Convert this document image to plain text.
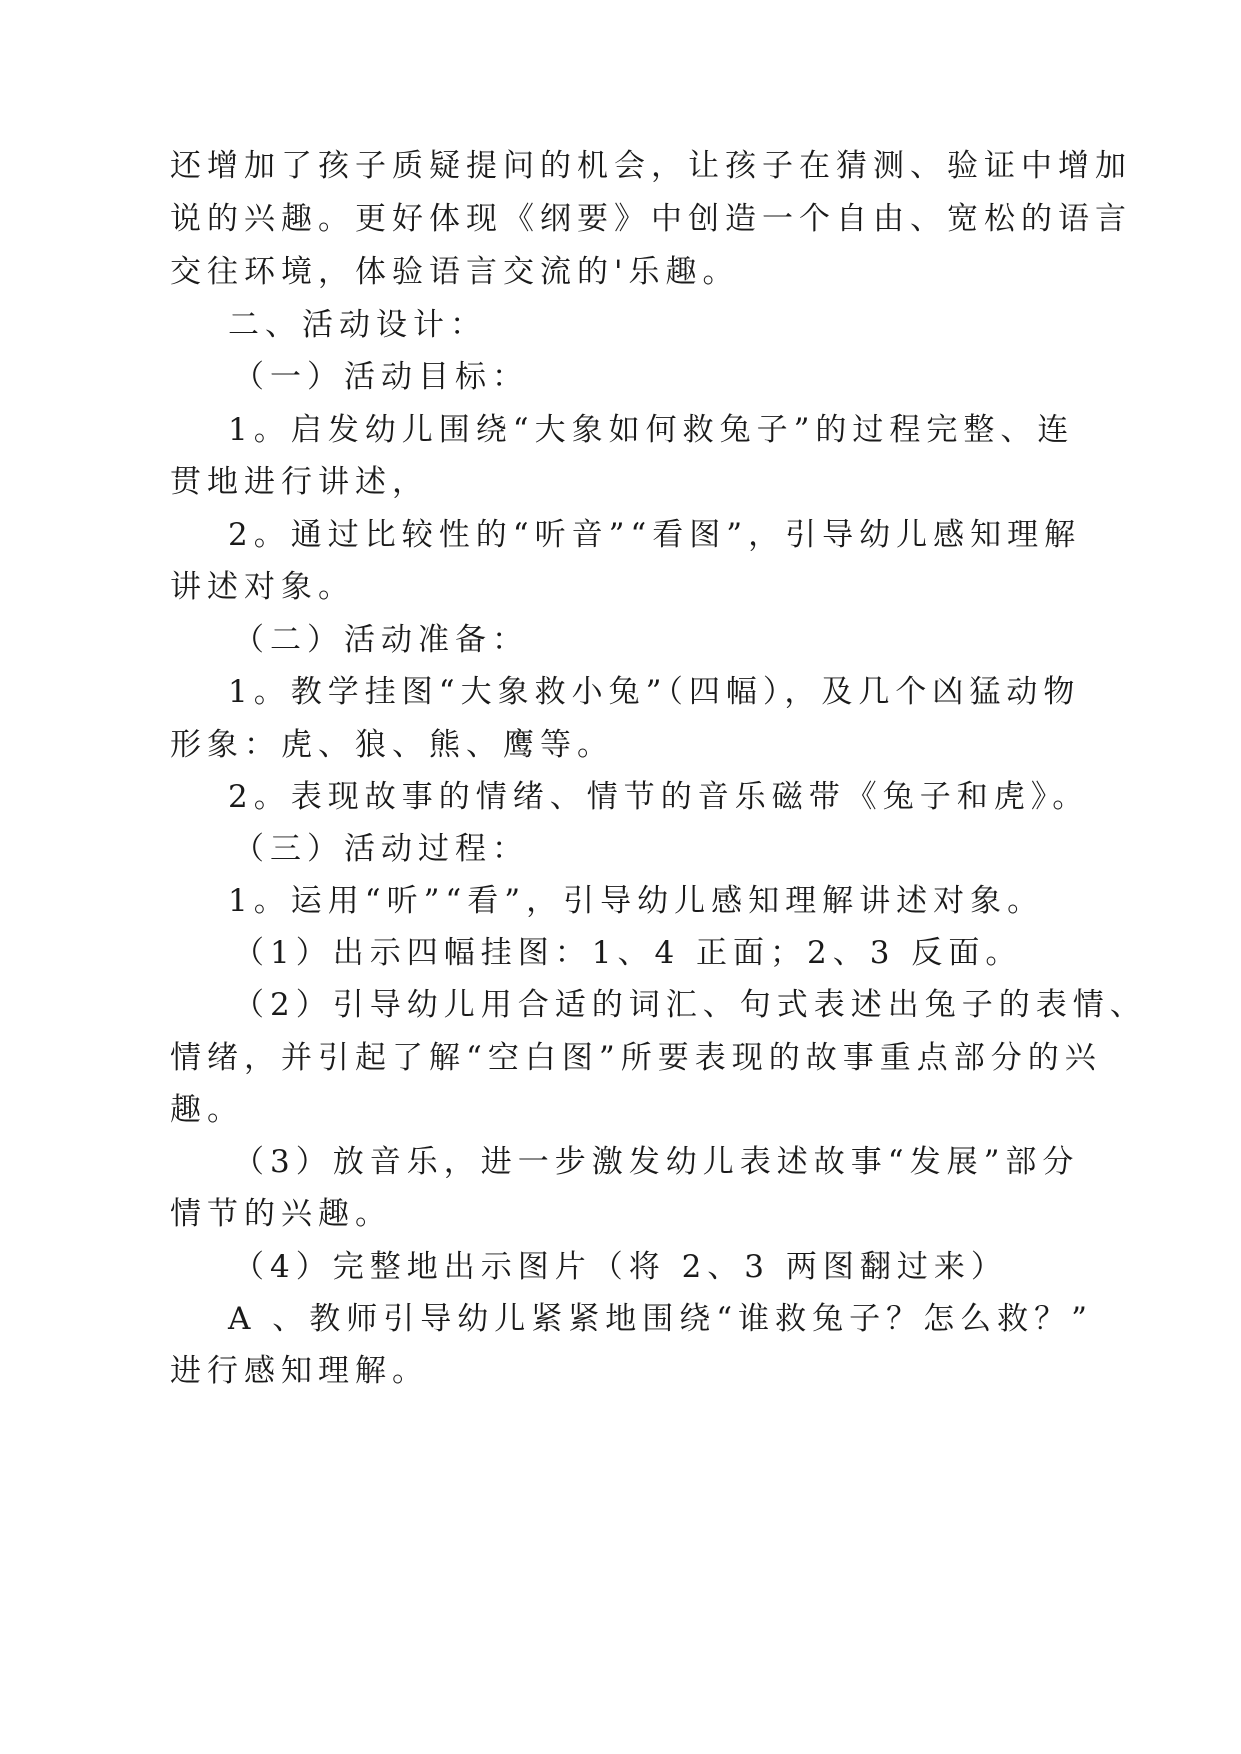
还增加了孩子质疑提问的机会，让孩子在猜测、验证中增加

说的兴趣。更好体现《纲要》中创造一个自由、宽松的语言

交往环境，体验语言交流的'乐趣。

二、活动设计：

（一）活动目标：

1。启发幼儿围绕“大象如何救兔子”的过程完整、连

贯地进行讲述，

2。通过比较性的“听音”“看图”，引导幼儿感知理解

讲述对象。

（二）活动准备：

1。教学挂图“大象救小兔”（四幅），及几个凶猛动物

形象：虎、狼、熊、鹰等。

2。表现故事的情绪、情节的音乐磁带《兔子和虎》。

（三）活动过程：

1。运用“听”“看”，引导幼儿感知理解讲述对象。

（1）出示四幅挂图：1、4 正面；2、3 反面。

（2）引导幼儿用合适的词汇、句式表述出兔子的表情、

情绪，并引起了解“空白图”所要表现的故事重点部分的兴

趣。

（3）放音乐，进一步激发幼儿表述故事“发展”部分

情节的兴趣。

（4）完整地出示图片（将 2、3 两图翻过来）

A 、教师引导幼儿紧紧地围绕“谁救兔子？怎么救？”

进行感知理解。
